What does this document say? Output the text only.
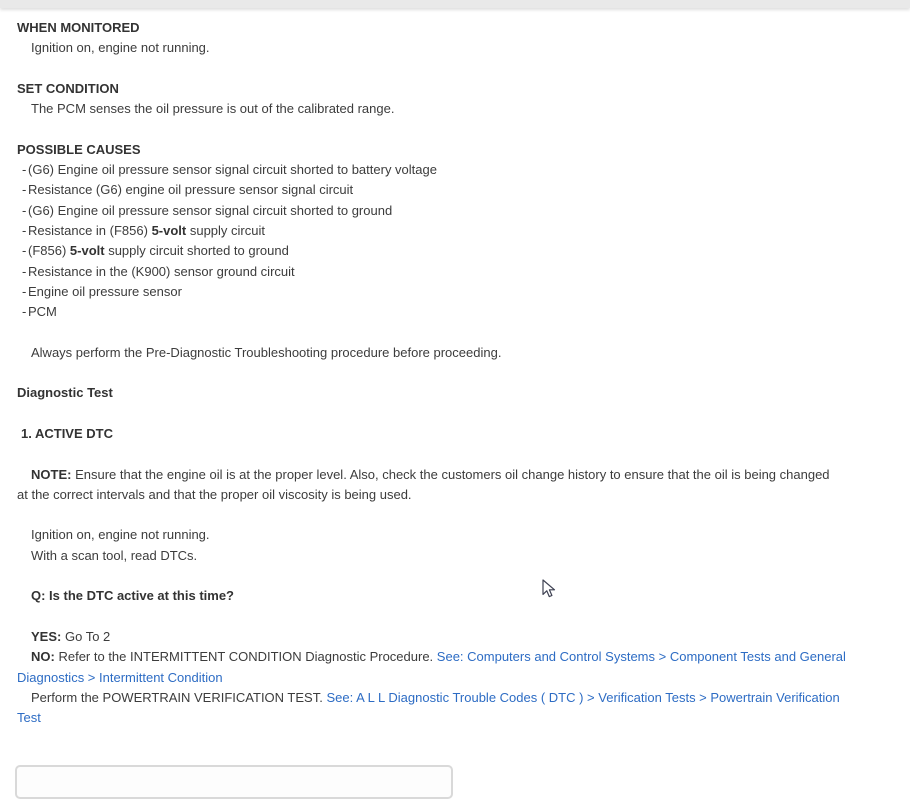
WHEN MONITORED

Ignition on, engine not running.

SET CONDITION

The PCM senses the oil pressure is out of the calibrated range.

POSSIBLE CAUSES
- (G6) Engine oil pressure sensor signal circuit shorted to battery voltage
- Resistance (G6) engine oil pressure sensor signal circuit
- (G6) Engine oil pressure sensor signal circuit shorted to ground
- Resistance in (F856) 5-volt supply circuit
- (F856) 5-volt supply circuit shorted to ground
- Resistance in the (K900) sensor ground circuit
- Engine oil pressure sensor
- PCM

Always perform the Pre-Diagnostic Troubleshooting procedure before proceeding.

Diagnostic Test
1. ACTIVE DTC

NOTE: Ensure that the engine oil is at the proper level. Also, check the customers oil change history to ensure that the oil is being changed

at the correct intervals and that the proper oil viscosity is being used.

Ignition on, engine not running.

With a scan tool, read DTCs.

Q: Is the DTC active at this time?

YES: Go To 2

NO: Refer to the INTERMITTENT CONDITION Diagnostic Procedure. See: Computers and Control Systems > Component Tests and General

Diagnostics > Intermittent Condition

Perform the POWERTRAIN VERIFICATION TEST. See: A L L Diagnostic Trouble Codes ( DTC ) > Verification Tests > Powertrain Verification

Test
